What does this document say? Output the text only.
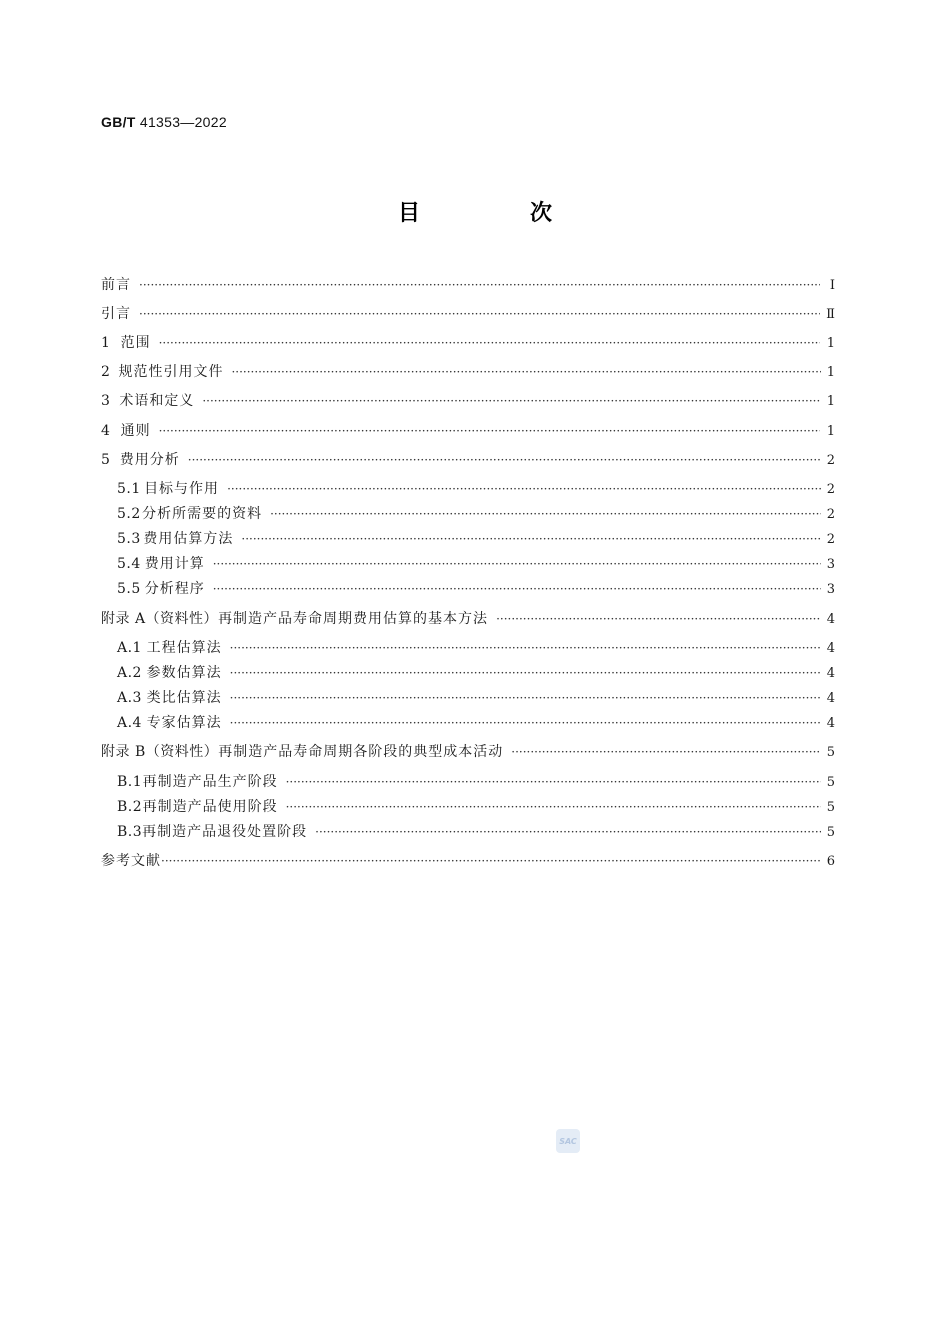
GB/T 41353—2022
目　次
前言 ·····	Ⅰ
引言 ·····	Ⅱ
1 范围 ·····	1
2 规范性引用文件 ·····	1
3 术语和定义 ·····	1
4 通则 ·····	1
5 费用分析 ·····	2
5.1 目标与作用 ·····	2
5.2 分析所需要的资料 ·····	2
5.3 费用估算方法 ·····	2
5.4 费用计算 ·····	3
5.5 分析程序 ·····	3
附录 A（资料性） 再制造产品寿命周期费用估算的基本方法 ·····	4
A.1 工程估算法 ·····	4
A.2 参数估算法 ·····	4
A.3 类比估算法 ·····	4
A.4 专家估算法 ·····	4
附录 B（资料性） 再制造产品寿命周期各阶段的典型成本活动 ·····	5
B.1 再制造产品生产阶段 ·····	5
B.2 再制造产品使用阶段 ·····	5
B.3 再制造产品退役处置阶段 ·····	5
参考文献 ·····	6
SAC
